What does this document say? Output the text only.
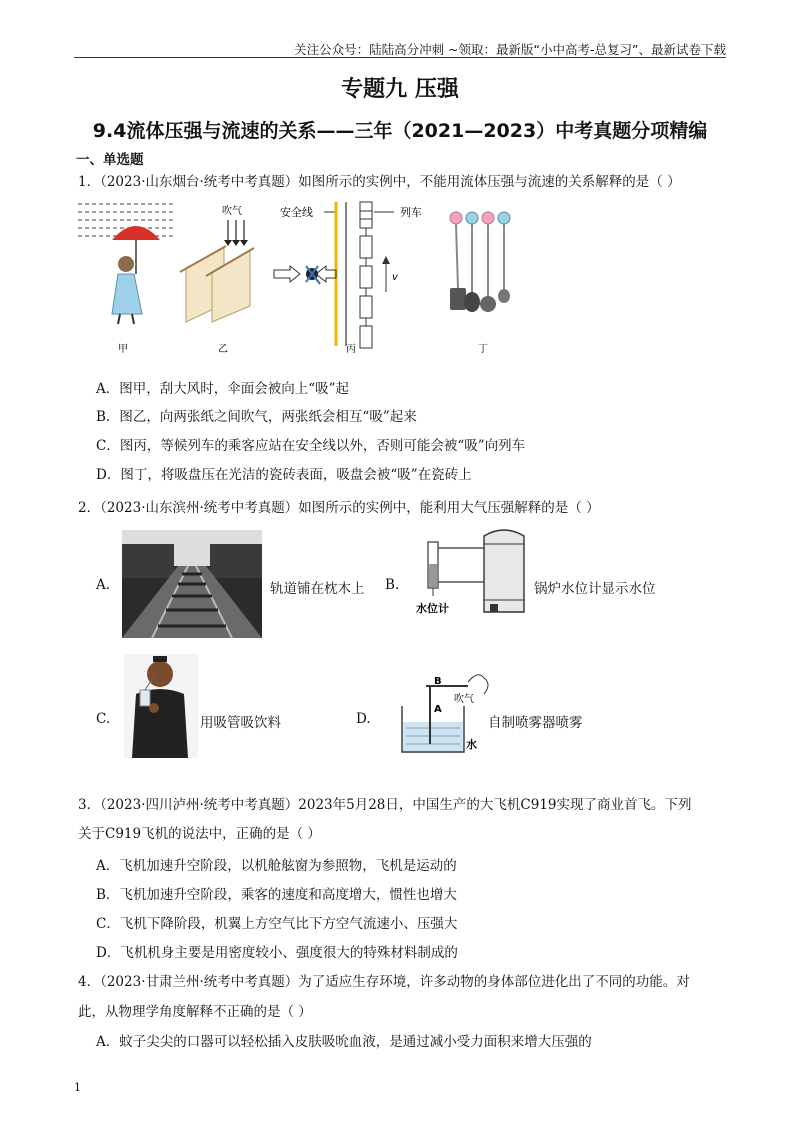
关注公众号：陆陆高分冲刺 ~领取：最新版“小中高考-总复习”、最新试卷下载
专题九 压强
9.4流体压强与流速的关系——三年（2021—2023）中考真题分项精编
一、单选题
1．（2023·山东烟台·统考中考真题）如图所示的实例中，不能用流体压强与流速的关系解释的是（ ）
吹气	安全线	列车
v
甲	乙	丙	丁
A．图甲，刮大风时，伞面会被向上“吸”起
B．图乙，向两张纸之间吹气，两张纸会相互“吸”起来
C．图丙，等候列车的乘客应站在安全线以外，否则可能会被“吸”向列车
D．图丁，将吸盘压在光洁的瓷砖表面，吸盘会被“吸”在瓷砖上
2．（2023·山东滨州·统考中考真题）如图所示的实例中，能利用大气压强解释的是（ ）
A.	轨道铺在枕木上 B.
水位计
锅炉水位计显示水位
C.	用吸管吸饮料	D.
B
A
吹气
水
自制喷雾器喷雾
3．（2023·四川泸州·统考中考真题）2023年5月28日，中国生产的大飞机C919实现了商业首飞。下列
关于C919飞机的说法中，正确的是（ ）
A．飞机加速升空阶段，以机舱舷窗为参照物，飞机是运动的
B．飞机加速升空阶段，乘客的速度和高度增大，惯性也增大
C．飞机下降阶段，机翼上方空气比下方空气流速小、压强大
D．飞机机身主要是用密度较小、强度很大的特殊材料制成的
4．（2023·甘肃兰州·统考中考真题）为了适应生存环境，许多动物的身体部位进化出了不同的功能。对
此，从物理学角度解释不正确的是（ ）
A．蚊子尖尖的口器可以轻松插入皮肤吸吮血液，是通过减小受力面积来增大压强的
1
